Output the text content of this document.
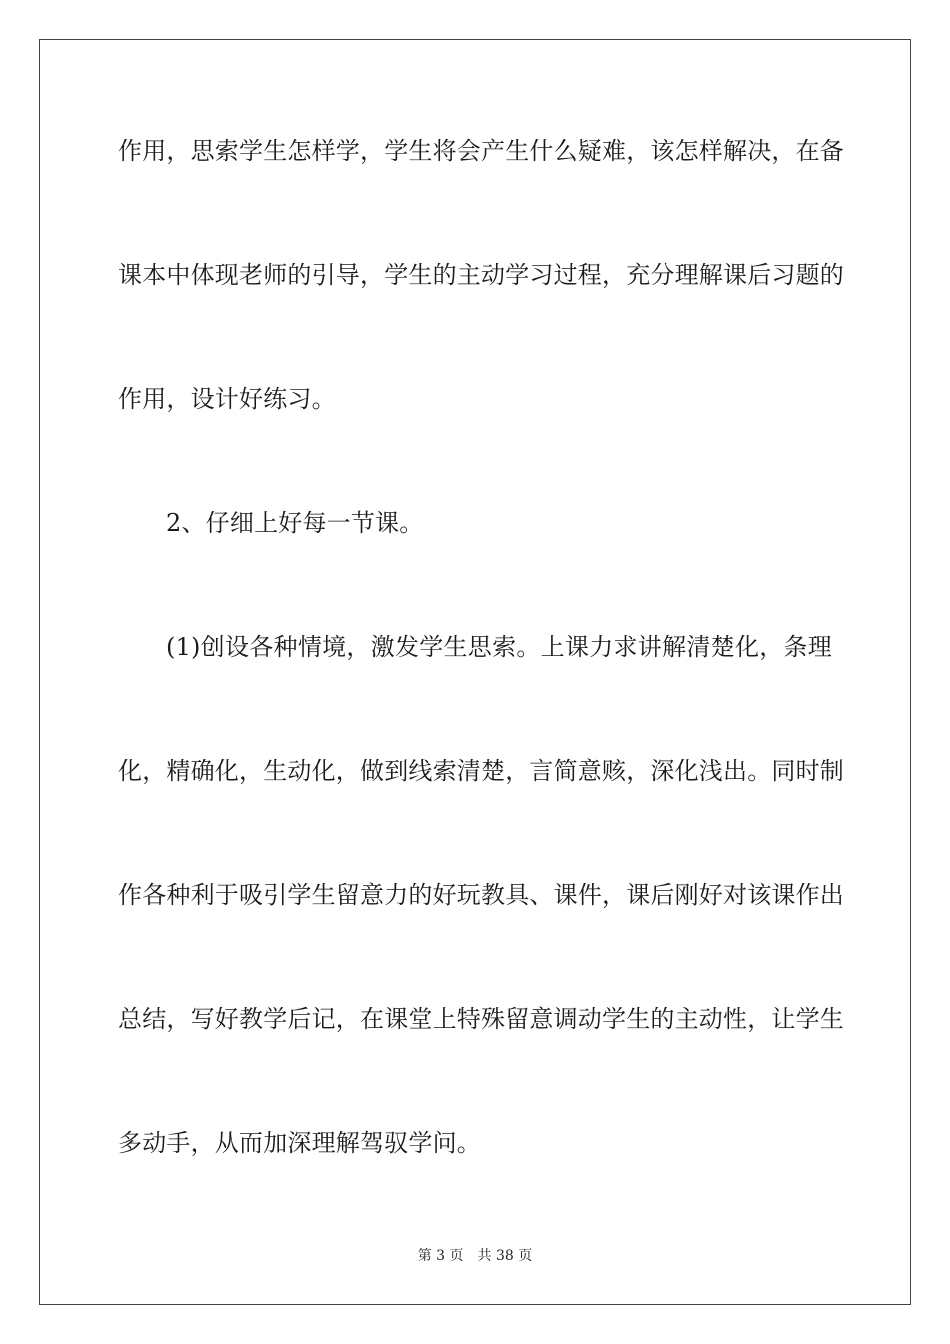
作用，思索学生怎样学，学生将会产生什么疑难，该怎样解决，在备
课本中体现老师的引导，学生的主动学习过程，充分理解课后习题的
作用，设计好练习。
2、仔细上好每一节课。
(1)创设各种情境，激发学生思索。上课力求讲解清楚化，条理
化，精确化，生动化，做到线索清楚，言简意赅，深化浅出。同时制
作各种利于吸引学生留意力的好玩教具、课件，课后刚好对该课作出
总结，写好教学后记，在课堂上特殊留意调动学生的主动性，让学生
多动手，从而加深理解驾驭学问。
第 3 页 共 38 页
